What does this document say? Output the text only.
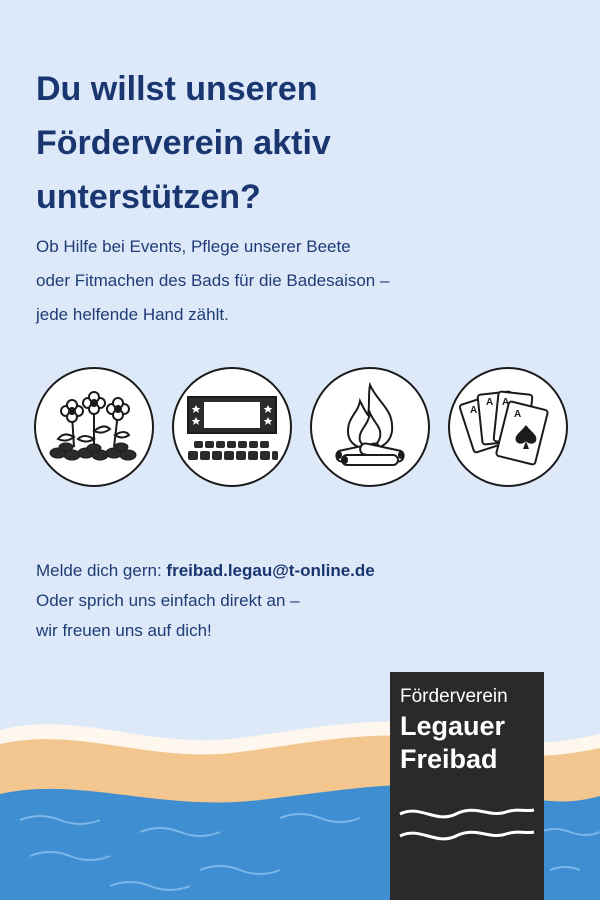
Du willst unseren
Förderverein aktiv
unterstützen?

Ob Hilfe bei Events, Pflege unserer Beete
oder Fitmachen des Bads für die Badesaison –
jede helfende Hand zählt.

A
A A
A

Melde dich gern: freibad.legau@t-online.de
Oder sprich uns einfach direkt an –
wir freuen uns auf dich!

Förderverein
Legauer
Freibad
